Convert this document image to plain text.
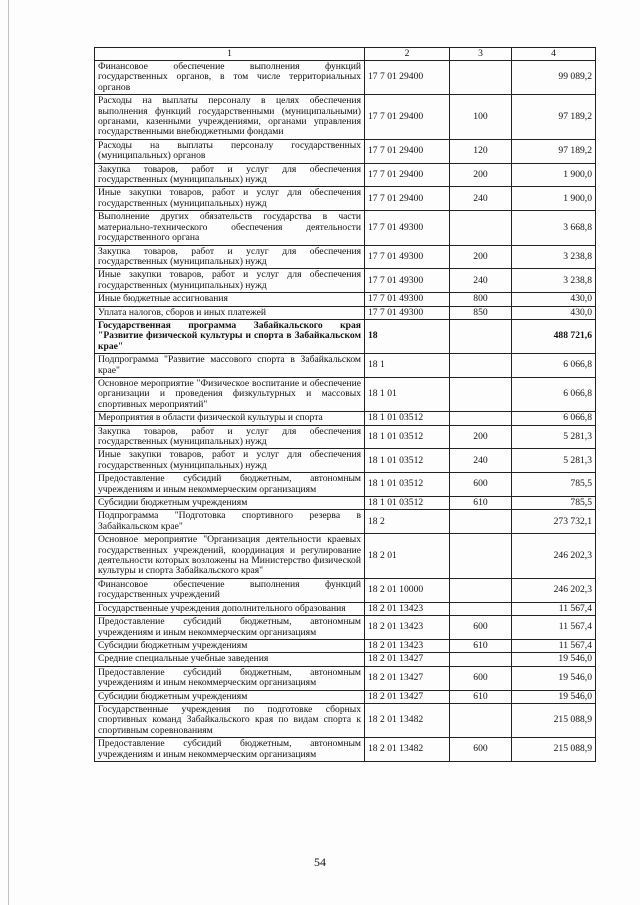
1	2	3	4
Финансовое обеспечение выполнения функций государственных органов, в том числе территориальных органов	17 7 01 29400		99 089,2
Расходы на выплаты персоналу в целях обеспечения выполнения функций государственными (муниципальными) органами, казенными учреждениями, органами управления государственными внебюджетными фондами	17 7 01 29400	100	97 189,2
Расходы на выплаты персоналу государственных (муниципальных) органов	17 7 01 29400	120	97 189,2
Закупка товаров, работ и услуг для обеспечения государственных (муниципальных) нужд	17 7 01 29400	200	1 900,0
Иные закупки товаров, работ и услуг для обеспечения государственных (муниципальных) нужд	17 7 01 29400	240	1 900,0
Выполнение других обязательств государства в части материально-технического обеспечения деятельности государственного органа	17 7 01 49300		3 668,8
Закупка товаров, работ и услуг для обеспечения государственных (муниципальных) нужд	17 7 01 49300	200	3 238,8
Иные закупки товаров, работ и услуг для обеспечения государственных (муниципальных) нужд	17 7 01 49300	240	3 238,8
Иные бюджетные ассигнования	17 7 01 49300	800	430,0
Уплата налогов, сборов и иных платежей	17 7 01 49300	850	430,0
Государственная программа Забайкальского края "Развитие физической культуры и спорта в Забайкальском крае"	18		488 721,6
Подпрограмма "Развитие массового спорта в Забайкальском крае"	18 1		6 066,8
Основное мероприятие "Физическое воспитание и обеспечение организации и проведения физкультурных и массовых спортивных мероприятий"	18 1 01		6 066,8
Мероприятия в области физической культуры и спорта	18 1 01 03512		6 066,8
Закупка товаров, работ и услуг для обеспечения государственных (муниципальных) нужд	18 1 01 03512	200	5 281,3
Иные закупки товаров, работ и услуг для обеспечения государственных (муниципальных) нужд	18 1 01 03512	240	5 281,3
Предоставление субсидий бюджетным, автономным учреждениям и иным некоммерческим организациям	18 1 01 03512	600	785,5
Субсидии бюджетным учреждениям	18 1 01 03512	610	785,5
Подпрограмма "Подготовка спортивного резерва в Забайкальском крае"	18 2		273 732,1
Основное мероприятие "Организация деятельности краевых государственных учреждений, координация и регулирование деятельности которых возложены на Министерство физической культуры и спорта Забайкальского края"	18 2 01		246 202,3
Финансовое обеспечение выполнения функций государственных учреждений	18 2 01 10000		246 202,3
Государственные учреждения дополнительного образования	18 2 01 13423		11 567,4
Предоставление субсидий бюджетным, автономным учреждениям и иным некоммерческим организациям	18 2 01 13423	600	11 567,4
Субсидии бюджетным учреждениям	18 2 01 13423	610	11 567,4
Средние специальные учебные заведения	18 2 01 13427		19 546,0
Предоставление субсидий бюджетным, автономным учреждениям и иным некоммерческим организациям	18 2 01 13427	600	19 546,0
Субсидии бюджетным учреждениям	18 2 01 13427	610	19 546,0
Государственные учреждения по подготовке сборных спортивных команд Забайкальского края по видам спорта к спортивным соревнованиям	18 2 01 13482		215 088,9
Предоставление субсидий бюджетным, автономным учреждениям и иным некоммерческим организациям	18 2 01 13482	600	215 088,9
54
